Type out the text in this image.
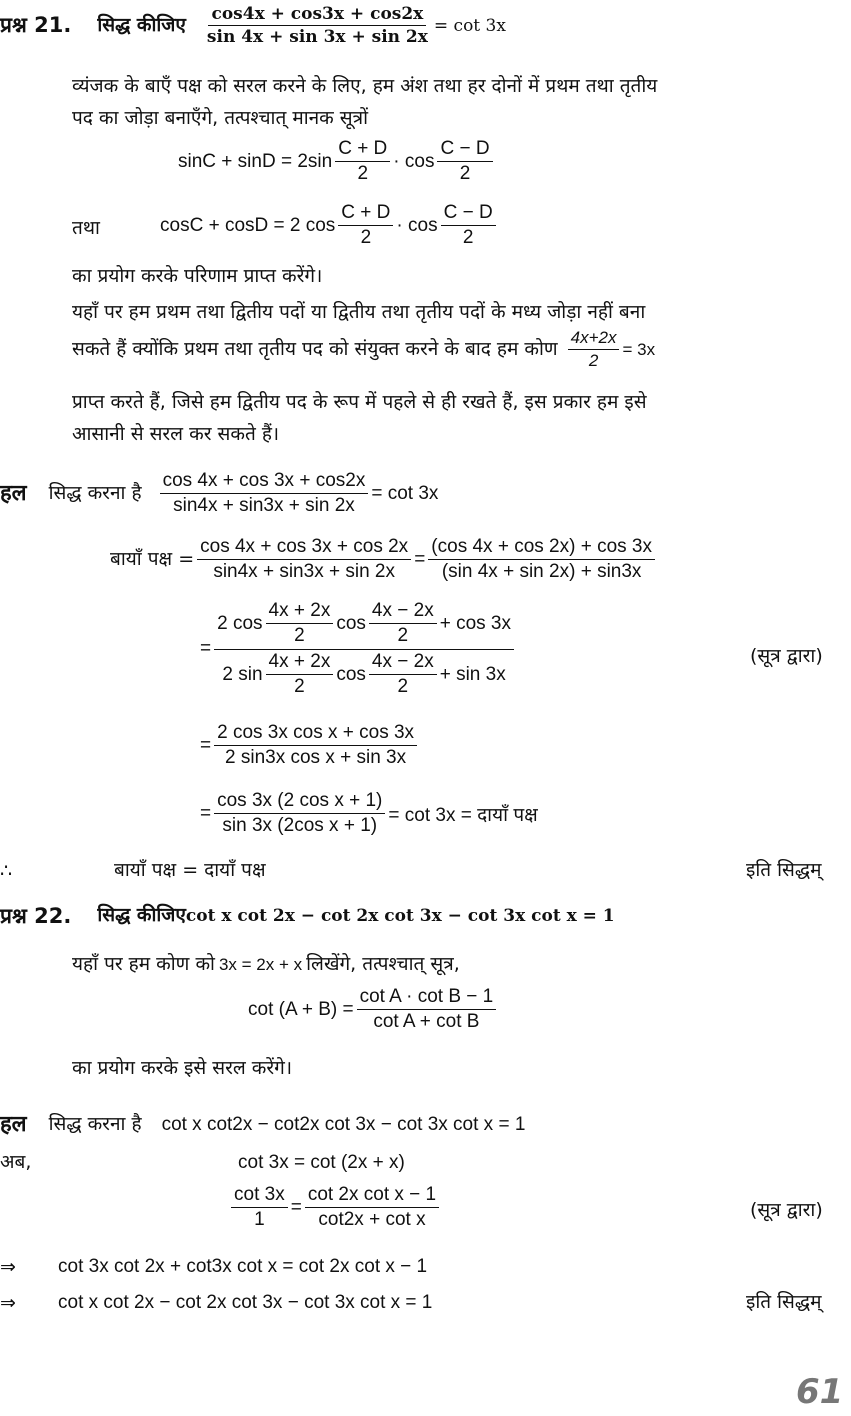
प्रश्न 21. सिद्ध कीजिए $\frac{\cos 4x + \cos 3x + \cos 2x}{\sin 4x + \sin 3x + \sin 2x} = \cot 3x$
व्यंजक के बाएँ पक्ष को सरल करने के लिए, हम अंश तथा हर दोनों में प्रथम तथा तृतीय
पद का जोड़ा बनाएँगे, तत्पश्चात् मानक सूत्रों
$\sin C + \sin D = 2\sin \frac{C + D}{2} \cdot \cos \frac{C - D}{2}$
तथा	cosC + cosD = 2 $\cos \frac{C + D}{2} \cdot \cos \frac{C - D}{2}$
का प्रयोग करके परिणाम प्राप्त करेंगे।
यहाँ पर हम प्रथम तथा द्वितीय पदों या द्वितीय तथा तृतीय पदों के मध्य जोड़ा नहीं बना
सकते हैं क्योंकि प्रथम तथा तृतीय पद को संयुक्त करने के बाद हम कोण $\frac{4x+2x}{2} = 3x$
प्राप्त करते हैं, जिसे हम द्वितीय पद के रूप में पहले से ही रखते हैं, इस प्रकार हम इसे
आसानी से सरल कर सकते हैं।
हल सिद्ध करना है $\frac{\cos 4x + \cos 3x + \cos 2x}{\sin 4x + \sin 3x + \sin 2x} = \cot 3x$
बायाँ पक्ष = $\frac{\cos 4x + \cos 3x + \cos 2x}{\sin 4x + \sin 3x + \sin 2x} = \frac{(\cos 4x + \cos 2x) + \cos 3x}{(\sin 4x + \sin 2x) + \sin 3x}$
=
2 $\cos \frac{4x + 2x}{2}$ $\cos \frac{4x - 2x}{2} + \cos 3x$
2 $\sin \frac{4x + 2x}{2}$ $\cos \frac{4x - 2x}{2} + \sin 3x$
(सूत्र द्वारा)
= $\frac{\text{2 cos 3x cos x + cos 3x}}{\text{2 sin3x cos x + sin 3x}}$
= $\frac{\text{cos 3x (2 cos x + 1)}}{\text{sin 3x (2cos x + 1)}} = \cot 3x$ = दायाँ पक्ष
∴	बायाँ पक्ष = दायाँ पक्ष	इति सिद्धम्
प्रश्न 22. सिद्ध कीजिए cot x cot 2x − cot 2x cot 3x − cot 3x cot x = 1
यहाँ पर हम कोण को 3x = 2x + x लिखेंगे, तत्पश्चात् सूत्र,
$\cot (A + B) = \frac{\text{cot A · cot B − 1}}{\text{cot A + cot B}}$
का प्रयोग करके इसे सरल करेंगे।
हल सिद्ध करना है cot x cot2x − cot2x cot 3x − cot 3x cot x = 1
अब,	cot 3x = cot (2x + x)
$\frac{\cot 3x}{1} = \frac{\text{cot 2x cot x − 1}}{\text{cot2x + cot x}}$	(सूत्र द्वारा)
⇒ cot 3x cot 2x + cot3x cot x = cot 2x cot x − 1
⇒ cot x cot 2x − cot 2x cot 3x − cot 3x cot x = 1	इति सिद्धम्
61
